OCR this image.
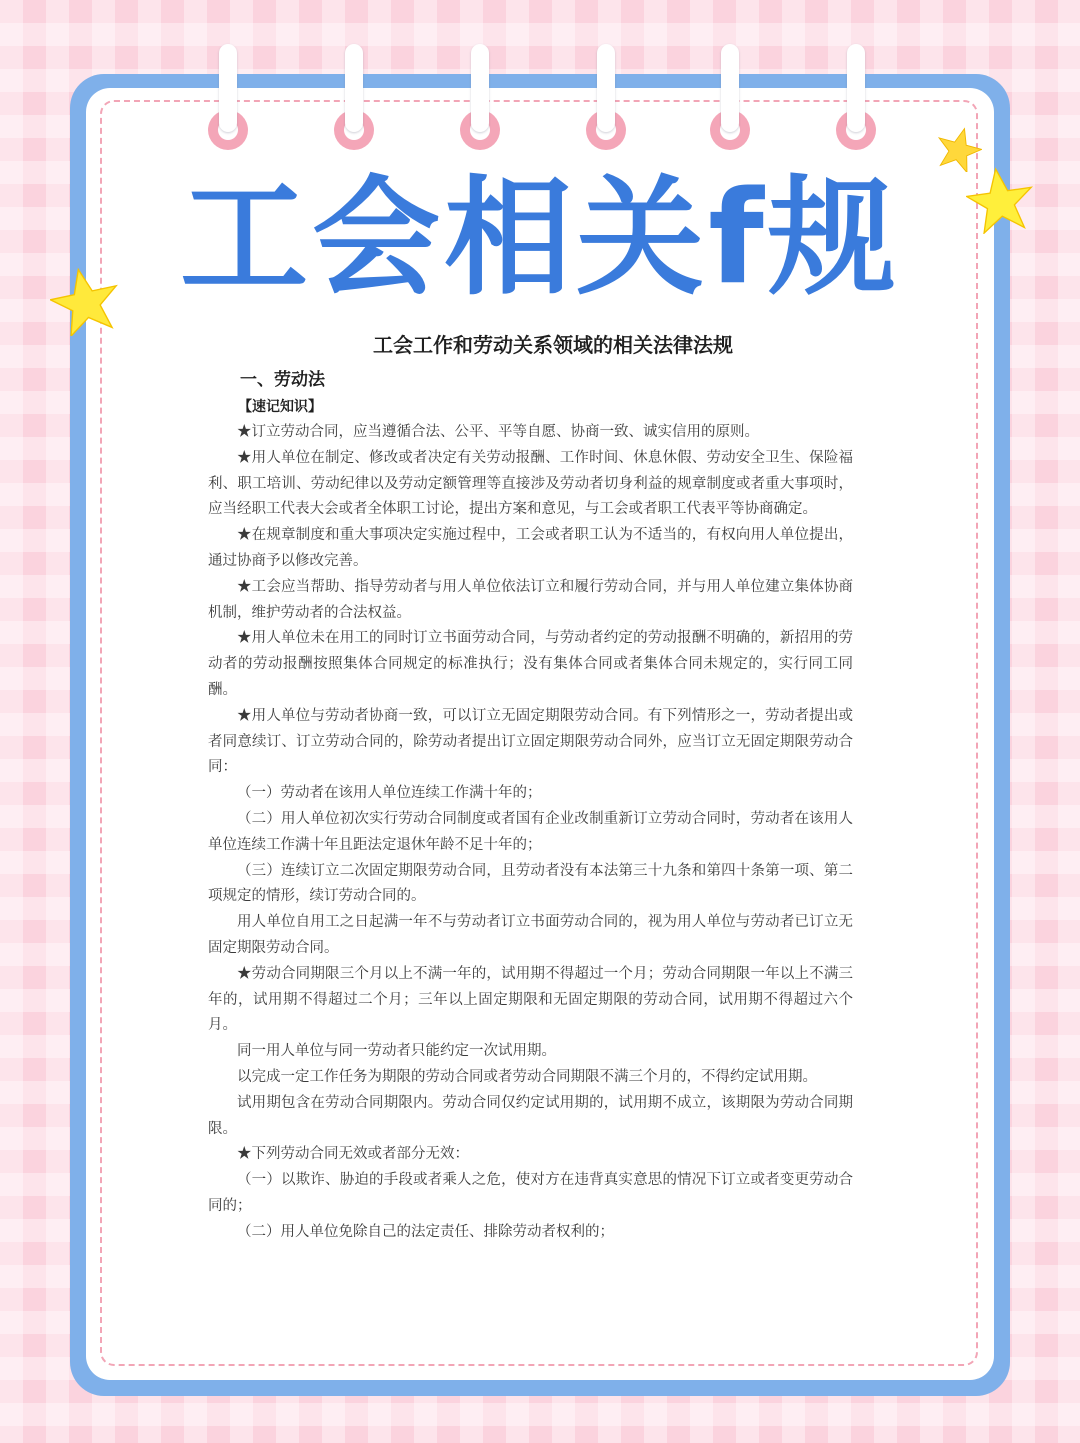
工会相关f规
工会工作和劳动关系领域的相关法律法规
一、劳动法
【速记知识】

★订立劳动合同，应当遵循合法、公平、平等自愿、协商一致、诚实信用的原则。

★用人单位在制定、修改或者决定有关劳动报酬、工作时间、休息休假、劳动安全卫生、保险福利、职工培训、劳动纪律以及劳动定额管理等直接涉及劳动者切身利益的规章制度或者重大事项时，应当经职工代表大会或者全体职工讨论，提出方案和意见，与工会或者职工代表平等协商确定。

★在规章制度和重大事项决定实施过程中，工会或者职工认为不适当的，有权向用人单位提出，通过协商予以修改完善。

★工会应当帮助、指导劳动者与用人单位依法订立和履行劳动合同，并与用人单位建立集体协商机制，维护劳动者的合法权益。

★用人单位未在用工的同时订立书面劳动合同，与劳动者约定的劳动报酬不明确的，新招用的劳动者的劳动报酬按照集体合同规定的标准执行；没有集体合同或者集体合同未规定的，实行同工同酬。

★用人单位与劳动者协商一致，可以订立无固定期限劳动合同。有下列情形之一，劳动者提出或者同意续订、订立劳动合同的，除劳动者提出订立固定期限劳动合同外，应当订立无固定期限劳动合同：

（一）劳动者在该用人单位连续工作满十年的；

（二）用人单位初次实行劳动合同制度或者国有企业改制重新订立劳动合同时，劳动者在该用人单位连续工作满十年且距法定退休年龄不足十年的；

（三）连续订立二次固定期限劳动合同，且劳动者没有本法第三十九条和第四十条第一项、第二项规定的情形，续订劳动合同的。

用人单位自用工之日起满一年不与劳动者订立书面劳动合同的，视为用人单位与劳动者已订立无固定期限劳动合同。

★劳动合同期限三个月以上不满一年的，试用期不得超过一个月；劳动合同期限一年以上不满三年的，试用期不得超过二个月；三年以上固定期限和无固定期限的劳动合同，试用期不得超过六个月。

同一用人单位与同一劳动者只能约定一次试用期。

以完成一定工作任务为期限的劳动合同或者劳动合同期限不满三个月的，不得约定试用期。

试用期包含在劳动合同期限内。劳动合同仅约定试用期的，试用期不成立，该期限为劳动合同期限。

★下列劳动合同无效或者部分无效：

（一）以欺诈、胁迫的手段或者乘人之危，使对方在违背真实意思的情况下订立或者变更劳动合同的；

（二）用人单位免除自己的法定责任、排除劳动者权利的；
